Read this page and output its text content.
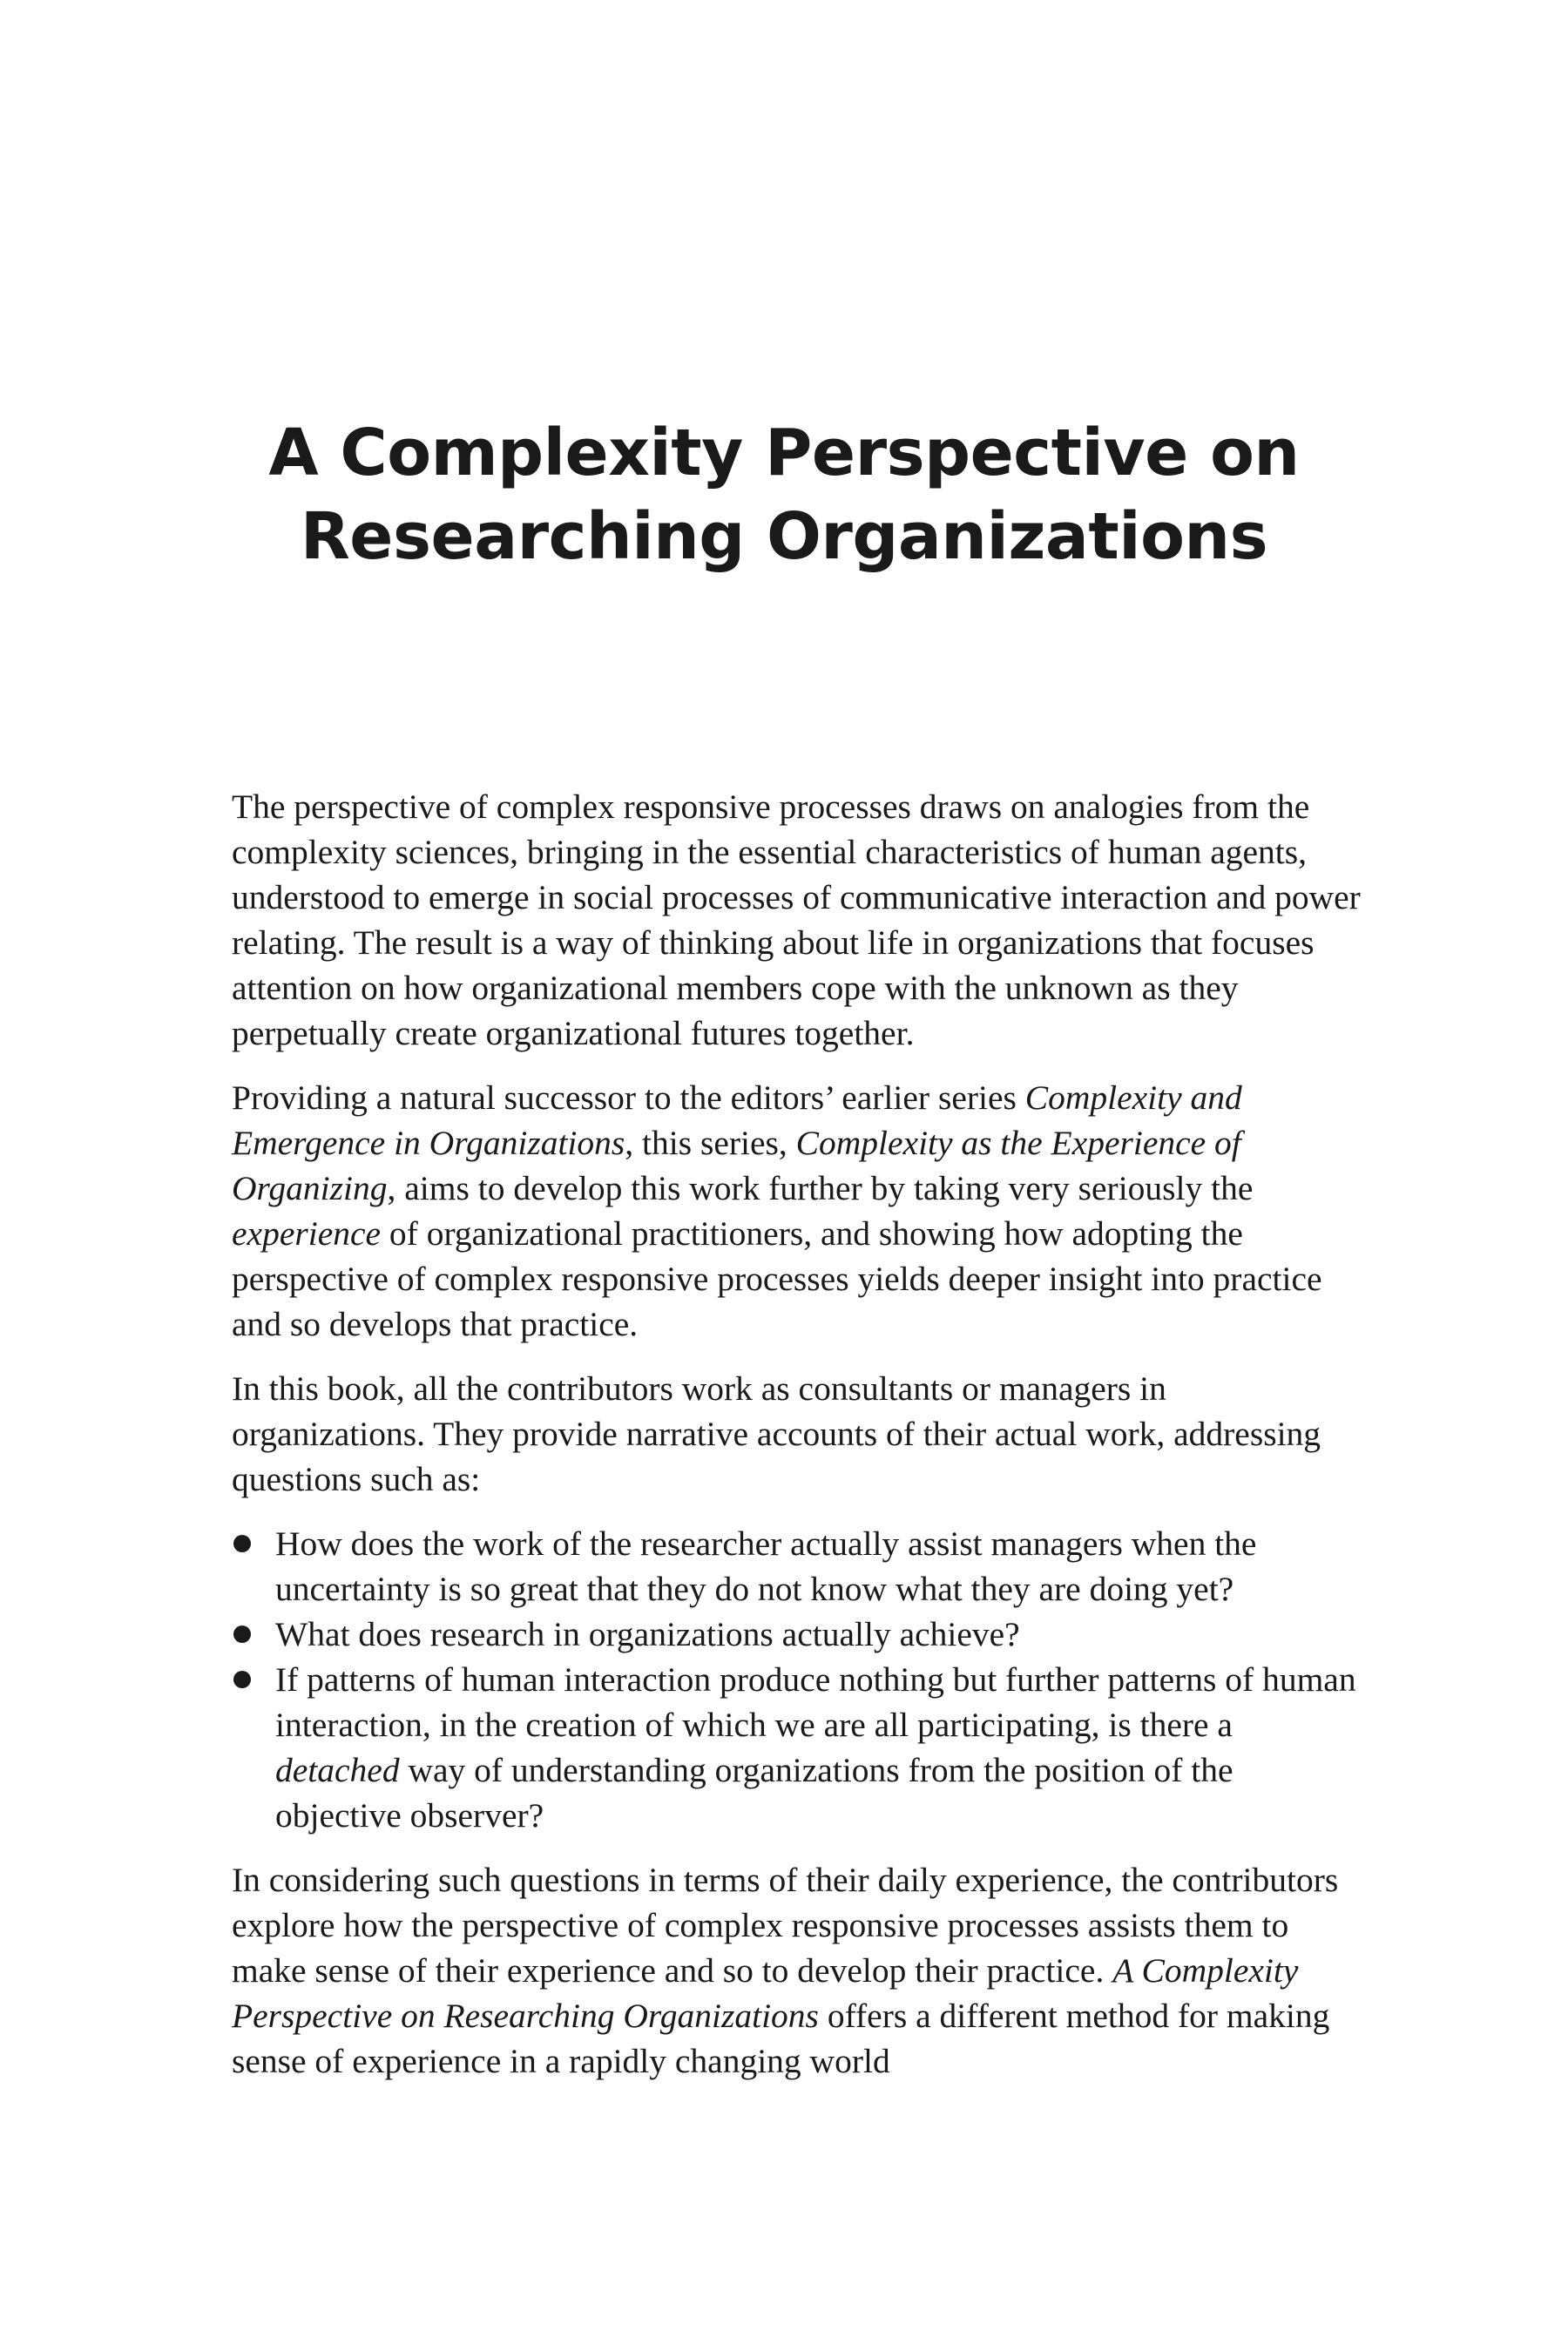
A Complexity Perspective on
Researching Organizations

The perspective of complex responsive processes draws on analogies from the complexity sciences, bringing in the essential characteristics of human agents, understood to emerge in social processes of communicative interaction and power relating. The result is a way of thinking about life in organizations that focuses attention on how organizational members cope with the unknown as they perpetually create organizational futures together.

Providing a natural successor to the editors’ earlier series Complexity and Emergence in Organizations, this series, Complexity as the Experience of Organizing, aims to develop this work further by taking very seriously the experience of organizational practitioners, and showing how adopting the perspective of complex responsive processes yields deeper insight into practice and so develops that practice.

In this book, all the contributors work as consultants or managers in organizations. They provide narrative accounts of their actual work, addressing questions such as:

How does the work of the researcher actually assist managers when the uncertainty is so great that they do not know what they are doing yet?
What does research in organizations actually achieve?
If patterns of human interaction produce nothing but further patterns of human interaction, in the creation of which we are all participating, is there a detached way of understanding organizations from the position of the objective observer?

In considering such questions in terms of their daily experience, the contributors explore how the perspective of complex responsive processes assists them to make sense of their experience and so to develop their practice. A Complexity Perspective on Researching Organizations offers a different method for making sense of experience in a rapidly changing world
